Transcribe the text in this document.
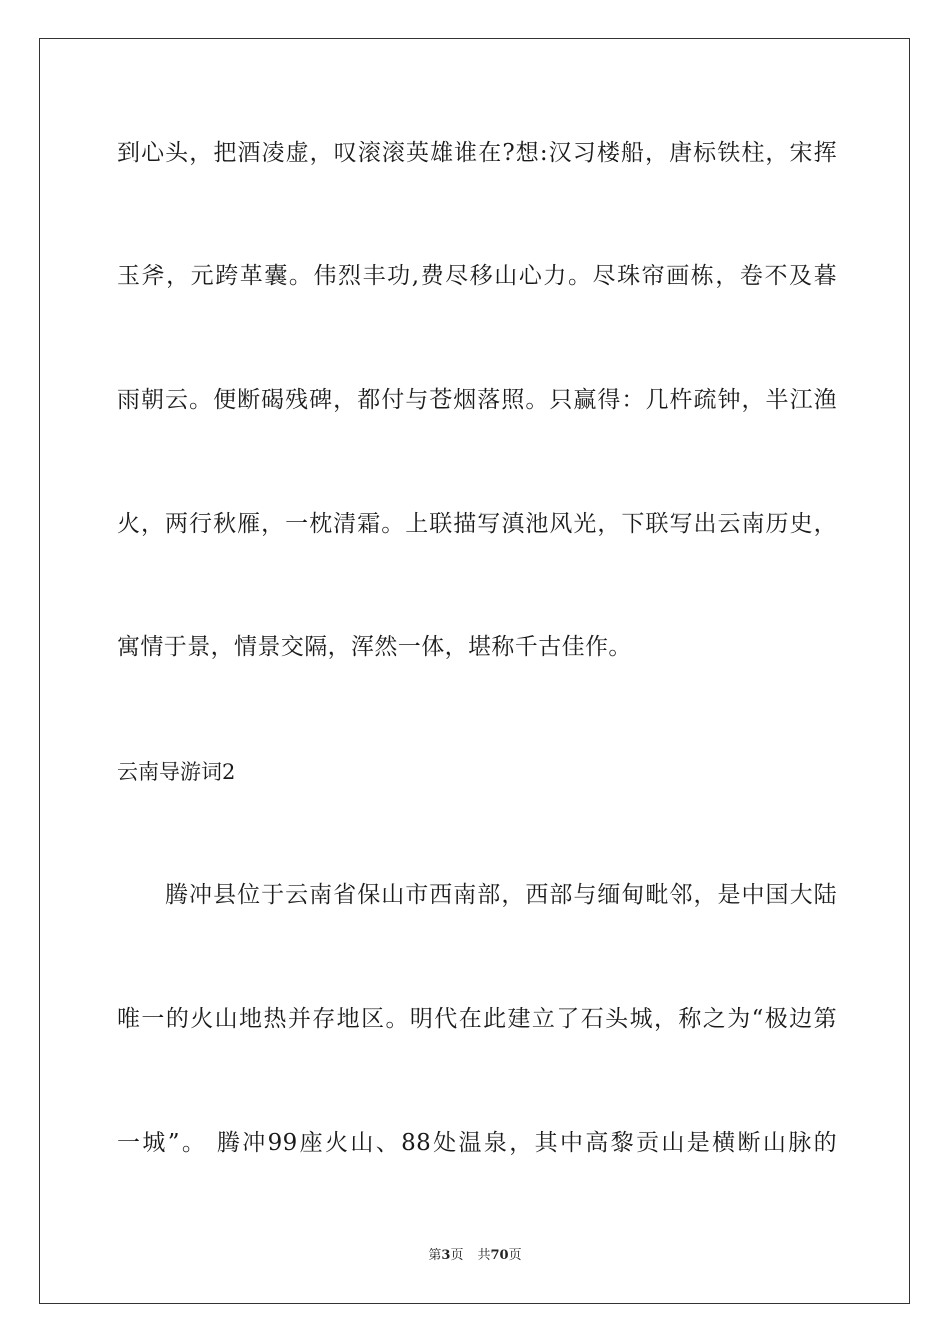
到心头，把酒凌虚，叹滚滚英雄谁在?想:汉习楼船，唐标铁柱，宋挥
玉斧，元跨革囊。伟烈丰功,费尽移山心力。尽珠帘画栋，卷不及暮
雨朝云。便断碣残碑，都付与苍烟落照。只赢得：几杵疏钟，半江渔
火，两行秋雁，一枕清霜。上联描写滇池风光，下联写出云南历史，
寓情于景，情景交隔，浑然一体，堪称千古佳作。
云南导游词2
　　腾冲县位于云南省保山市西南部，西部与缅甸毗邻，是中国大陆
唯一的火山地热并存地区。明代在此建立了石头城，称之为“极边第
一城”。 腾冲99座火山、88处温泉，其中高黎贡山是横断山脉的
第3页 共70页
